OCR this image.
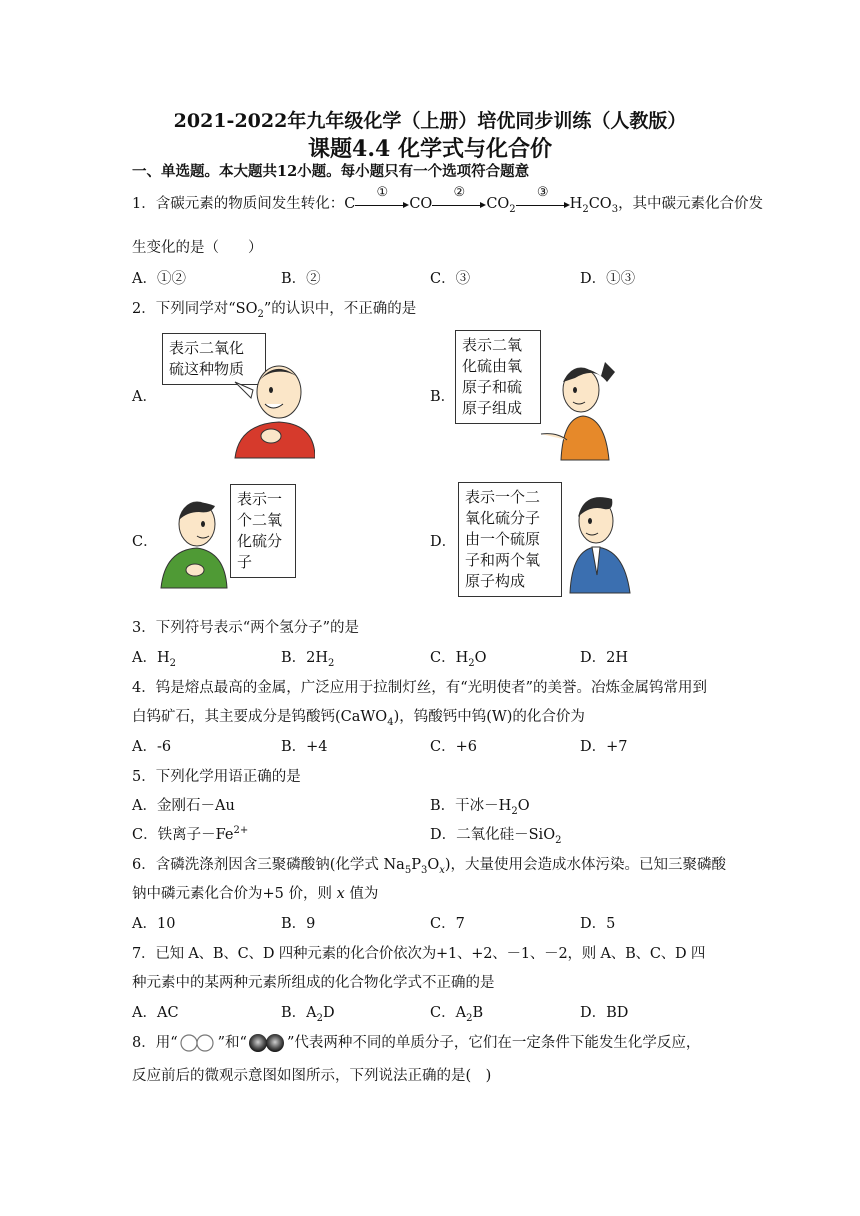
2021-2022年九年级化学（上册）培优同步训练（人教版）
课题4.4 化学式与化合价
一、单选题。本大题共12小题。每小题只有一个选项符合题意
1．含碳元素的物质间发生转化：C
①
CO
②
$CO_2$
③
$H_2CO_3$，其中碳元素化合价发
生变化的是（　　）
A．①②	B．②	C．③	D．①③
2．下列同学对“$SO_2$”的认识中，不正确的是
A．
表示二氧化
硫这种物质
B．
表示二氧
化硫由氧
原子和硫
原子组成
C．
表示一
个二氧
化硫分
子
D．
表示一个二
氧化硫分子
由一个硫原
子和两个氧
原子构成
3．下列符号表示“两个氢分子”的是
A．$H_2$	B．$2H_2$	C．$H_2O$	D．2H
4．钨是熔点最高的金属，广泛应用于拉制灯丝，有“光明使者”的美誉。冶炼金属钨常用到
白钨矿石，其主要成分是钨酸钙(CaWO$_4$)，钨酸钙中钨(W)的化合价为
A．-6	B．+4	C．+6	D．+7
5．下列化学用语正确的是
A．金刚石－Au	B．干冰$-H_2O$
C．铁离子$-Fe^{2+}$	D．二氧化硅－SiO$_2$
6．含磷洗涤剂因含三聚磷酸钠(化学式 $Na_5P_3O_x$)，大量使用会造成水体污染。已知三聚磷酸
钠中磷元素化合价为+5 价，则 x 值为
A．10	B．9	C．7	D．5
7．已知 A、B、C、D 四种元素的化合价依次为+1、+2、－1、－2，则 A、B、C、D 四
种元素中的某两种元素所组成的化合物化学式不正确的是
A．AC	B．$A_2D$	C．$A_2B$	D．BD
8．用“	”和“	”代表两种不同的单质分子，它们在一定条件下能发生化学反应，
反应前后的微观示意图如图所示，下列说法正确的是(　)
